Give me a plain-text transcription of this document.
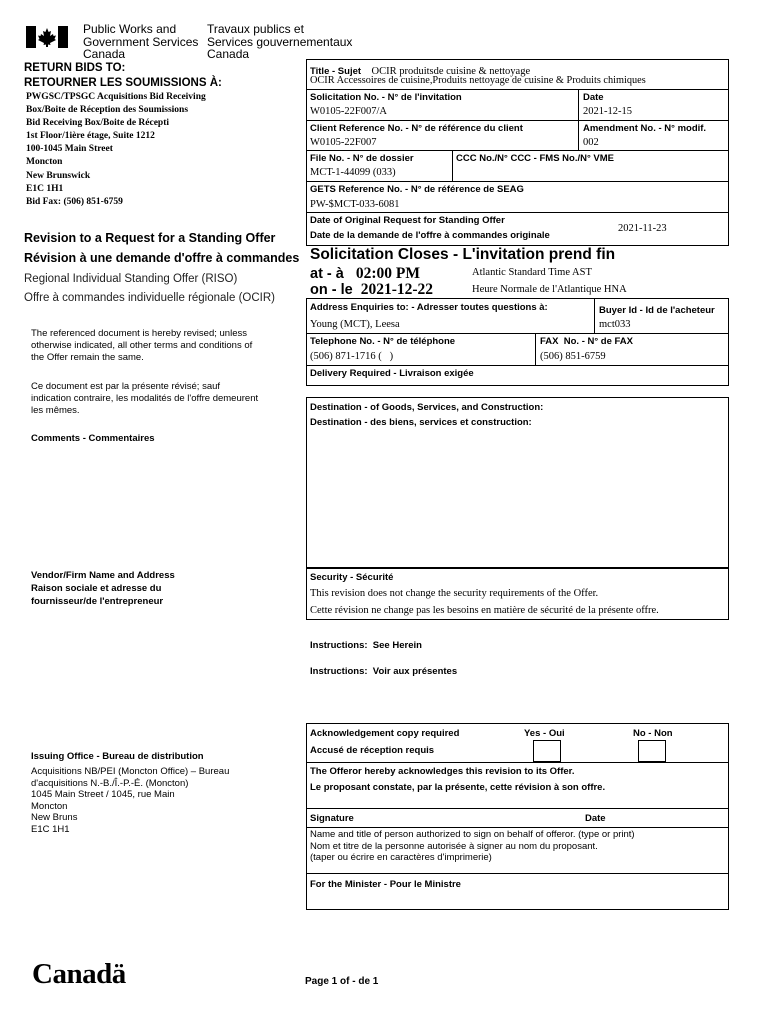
Public Works and
Government Services
Canada
Travaux publics et
Services gouvernementaux
Canada
RETURN BIDS TO:
RETOURNER LES SOUMISSIONS À:
PWGSC/TPSGC Acquisitions Bid Receiving
Box/Boite de Réception des Soumissions
Bid Receiving Box/Boite de Récepti
1st Floor/1ière étage, Suite 1212
100-1045 Main Street
Moncton
New Brunswick
E1C 1H1
Bid Fax: (506) 851-6759
Revision to a Request for a Standing Offer
Révision à une demande d'offre à commandes
Regional Individual Standing Offer (RISO)
Offre à commandes individuelle régionale (OCIR)
The referenced document is hereby revised; unless
otherwise indicated, all other terms and conditions of
the Offer remain the same.
Ce document est par la présente révisé; sauf
indication contraire, les modalités de l'offre demeurent
les mêmes.
Comments - Commentaires
Vendor/Firm Name and Address
Raison sociale et adresse du
fournisseur/de l'entrepreneur
Issuing Office - Bureau de distribution
Acquisitions NB/PEI (Moncton Office) – Bureau
d'acquisitions N.-B./Î.-P.-É. (Moncton)
1045 Main Street / 1045, rue Main
Moncton
New Bruns
E1C 1H1
Title - Sujet OCIR produitsde cuisine & nettoyage
OCIR Accessoires de cuisine,Produits nettoyage de cuisine & Produits chimiques
Solicitation No. - N° de l'invitation
W0105-22F007/A
Date
2021-12-15
Client Reference No. - N° de référence du client
W0105-22F007
Amendment No. - N° modif.
002
File No. - N° de dossier
MCT-1-44099 (033)
CCC No./N° CCC - FMS No./N° VME
GETS Reference No. - N° de référence de SEAG
PW-$MCT-033-6081
Date of Original Request for Standing Offer
Date de la demande de l'offre à commandes originale
2021-11-23
Solicitation Closes - L'invitation prend fin
at - à 02:00 PM
on - le 2021-12-22
Atlantic Standard Time AST
Heure Normale de l'Atlantique HNA
Address Enquiries to: - Adresser toutes questions à:
Young (MCT), Leesa
Buyer Id - Id de l'acheteur
mct033
Telephone No. - N° de téléphone
(506) 871-1716 (   )
FAX  No. - N° de FAX
(506) 851-6759
Delivery Required - Livraison exigée
Destination - of Goods, Services, and Construction:
Destination - des biens, services et construction:
Security - Sécurité
This revision does not change the security requirements of the Offer.
Cette révision ne change pas les besoins en matière de sécurité de la présente offre.
Instructions:  See Herein
Instructions:  Voir aux présentes
Acknowledgement copy required
Accusé de réception requis
Yes - Oui	No - Non
The Offeror hereby acknowledges this revision to its Offer.
Le proposant constate, par la présente, cette révision à son offre.
Signature	Date
Name and title of person authorized to sign on behalf of offeror. (type or print)
Nom et titre de la personne autorisée à signer au nom du proposant.
(taper ou écrire en caractères d'imprimerie)
For the Minister - Pour le Ministre
Canadä	Page 1 of - de 1
